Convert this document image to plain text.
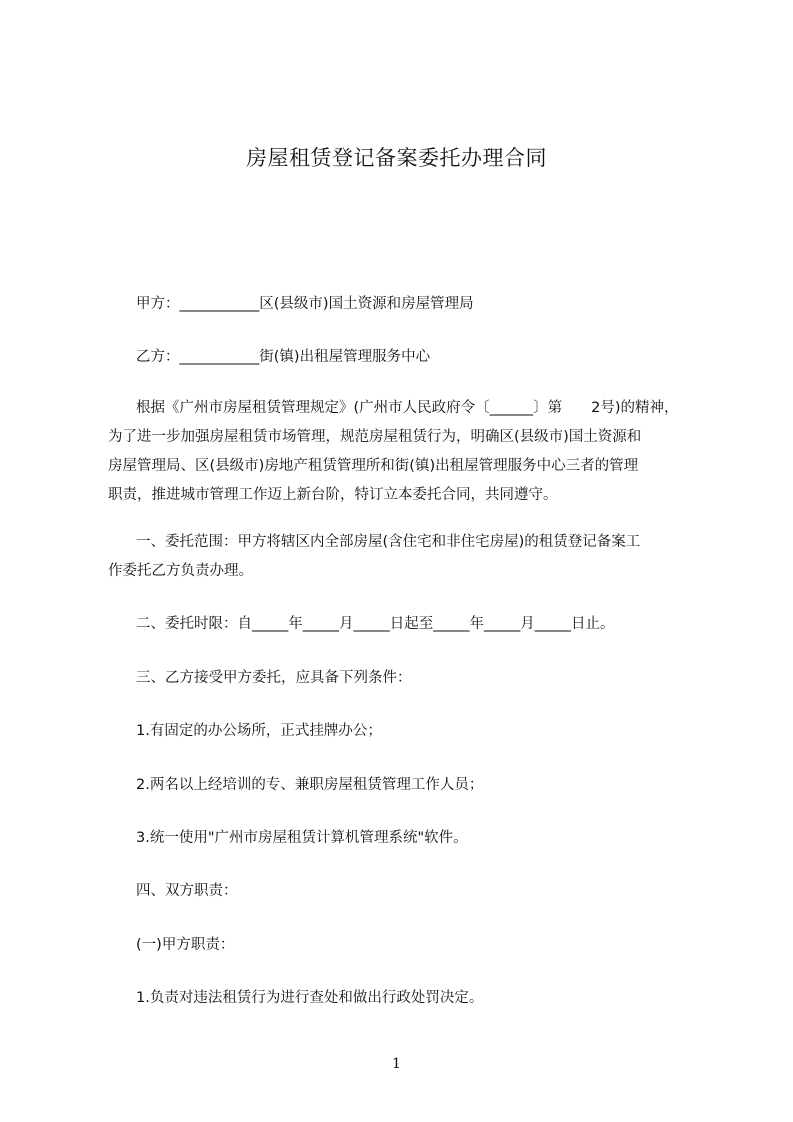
房屋租赁登记备案委托办理合同
甲方：___________区(县级市)国土资源和房屋管理局
乙方：___________街(镇)出租屋管理服务中心
根据《广州市房屋租赁管理规定》(广州市人民政府令〔______〕第　　2号)的精神，
为了进一步加强房屋租赁市场管理，规范房屋租赁行为，明确区(县级市)国土资源和
房屋管理局、区(县级市)房地产租赁管理所和街(镇)出租屋管理服务中心三者的管理
职责，推进城市管理工作迈上新台阶，特订立本委托合同，共同遵守。
一、委托范围：甲方将辖区内全部房屋(含住宅和非住宅房屋)的租赁登记备案工
作委托乙方负责办理。
二、委托时限：自_____年_____月_____日起至_____年_____月_____日止。
三、乙方接受甲方委托，应具备下列条件：
1.有固定的办公场所，正式挂牌办公；
2.两名以上经培训的专、兼职房屋租赁管理工作人员；
3.统一使用"广州市房屋租赁计算机管理系统"软件。
四、双方职责：
(一)甲方职责：
1.负责对违法租赁行为进行查处和做出行政处罚决定。
1
